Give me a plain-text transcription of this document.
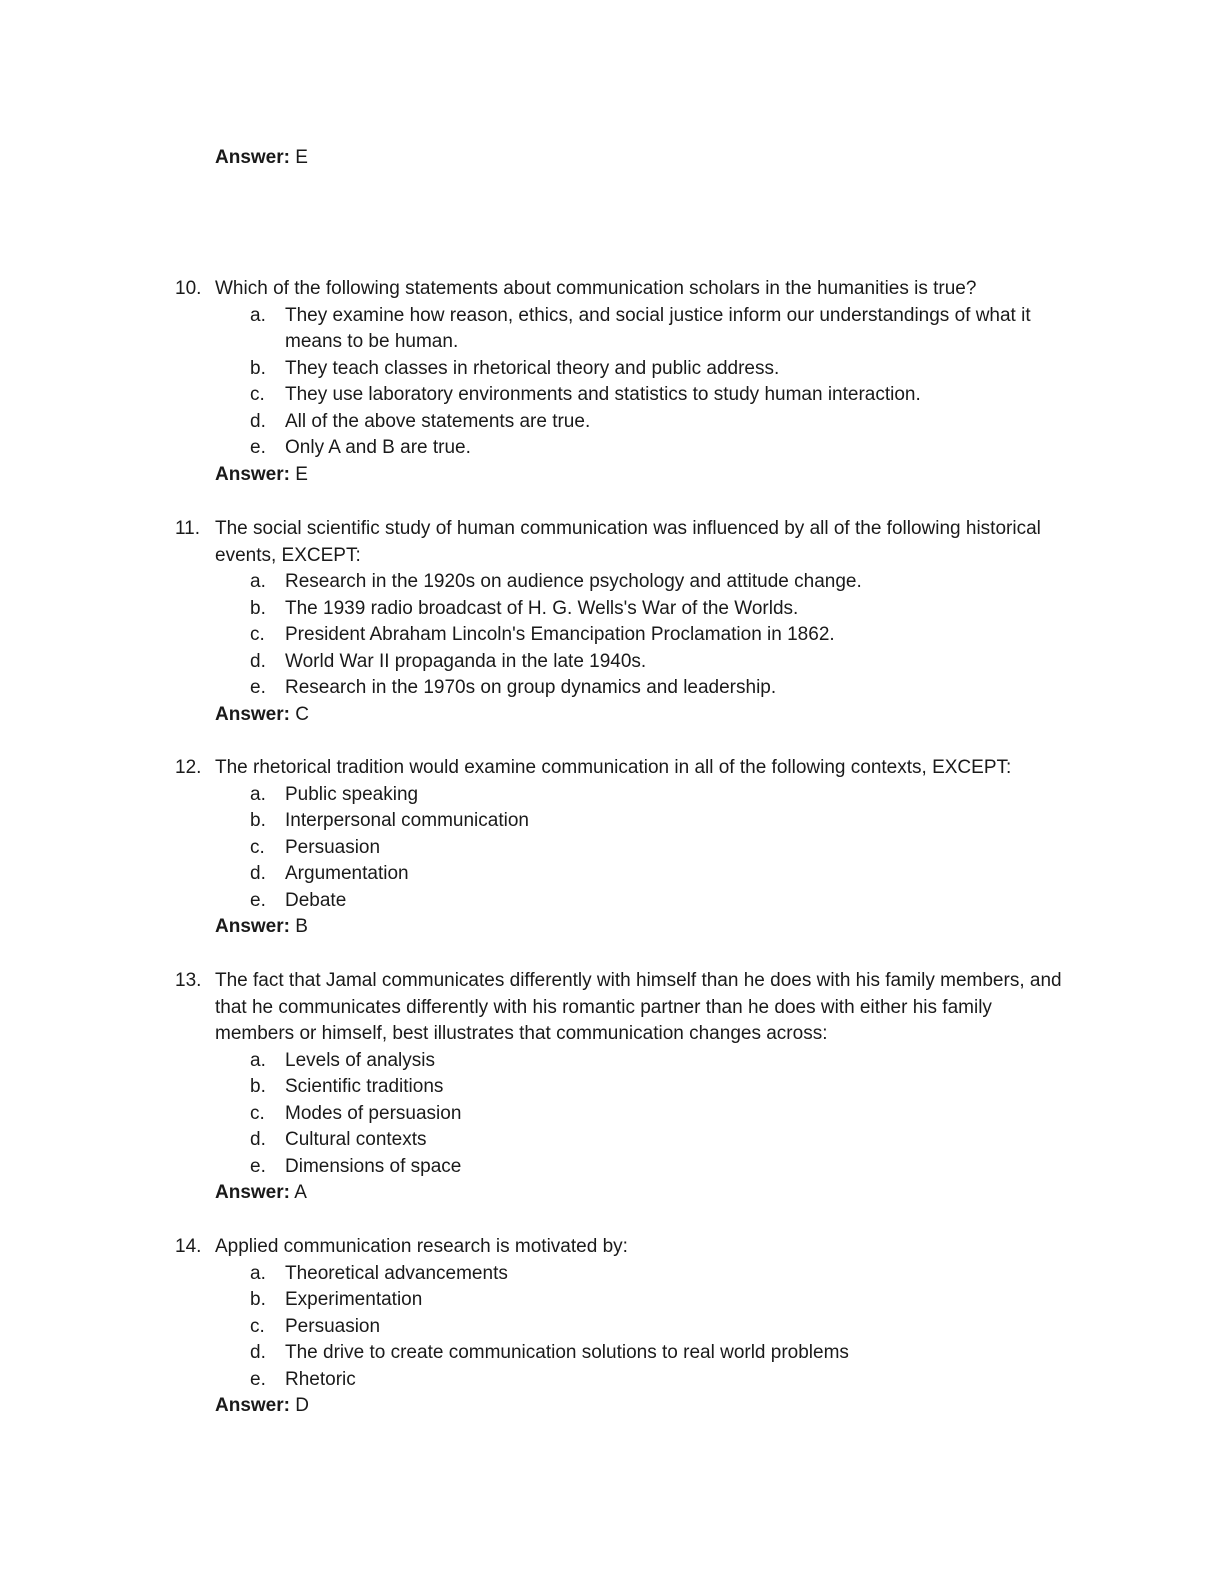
Answer: E
10. Which of the following statements about communication scholars in the humanities is true?
a. They examine how reason, ethics, and social justice inform our understandings of what it means to be human.
b. They teach classes in rhetorical theory and public address.
c. They use laboratory environments and statistics to study human interaction.
d. All of the above statements are true.
e. Only A and B are true.
Answer: E
11. The social scientific study of human communication was influenced by all of the following historical events, EXCEPT:
a. Research in the 1920s on audience psychology and attitude change.
b. The 1939 radio broadcast of H. G. Wells's War of the Worlds.
c. President Abraham Lincoln's Emancipation Proclamation in 1862.
d. World War II propaganda in the late 1940s.
e. Research in the 1970s on group dynamics and leadership.
Answer: C
12. The rhetorical tradition would examine communication in all of the following contexts, EXCEPT:
a. Public speaking
b. Interpersonal communication
c. Persuasion
d. Argumentation
e. Debate
Answer: B
13. The fact that Jamal communicates differently with himself than he does with his family members, and that he communicates differently with his romantic partner than he does with either his family members or himself, best illustrates that communication changes across:
a. Levels of analysis
b. Scientific traditions
c. Modes of persuasion
d. Cultural contexts
e. Dimensions of space
Answer: A
14. Applied communication research is motivated by:
a. Theoretical advancements
b. Experimentation
c. Persuasion
d. The drive to create communication solutions to real world problems
e. Rhetoric
Answer: D
